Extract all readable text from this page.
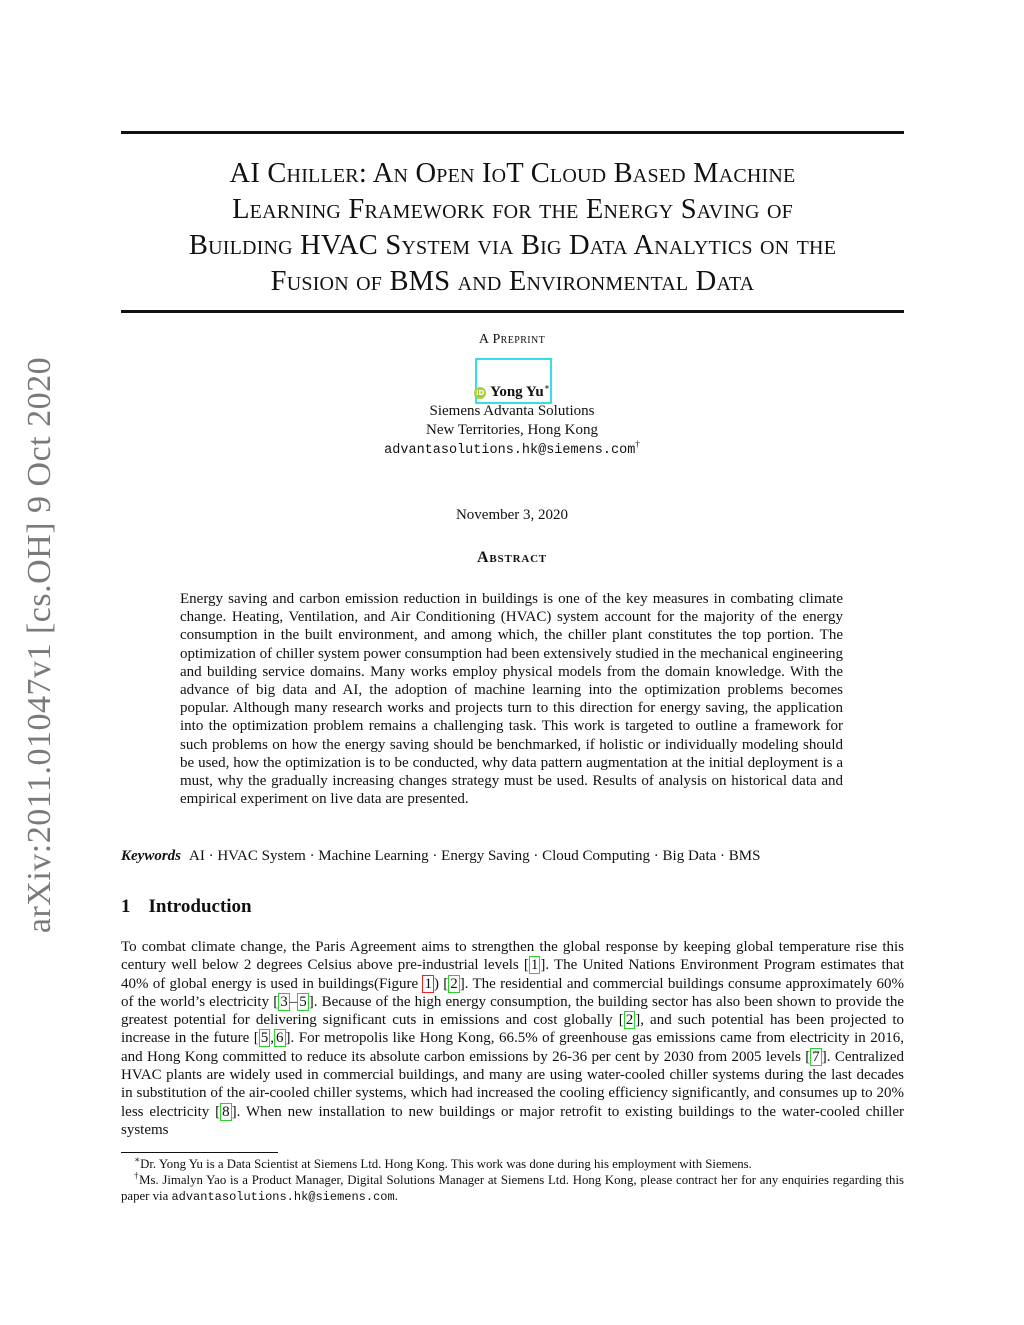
AI Chiller: An Open IoT Cloud Based Machine
Learning Framework for the Energy Saving of
Building HVAC System via Big Data Analytics on the
Fusion of BMS and Environmental Data
A Preprint
iD Yong Yu∗
Siemens Advanta Solutions
New Territories, Hong Kong
advantasolutions.hk@siemens.com†
November 3, 2020
Abstract

Energy saving and carbon emission reduction in buildings is one of the key measures in combating climate change. Heating, Ventilation, and Air Conditioning (HVAC) system account for the majority of the energy consumption in the built environment, and among which, the chiller plant constitutes the top portion. The optimization of chiller system power consumption had been extensively studied in the mechanical engineering and building service domains. Many works employ physical models from the domain knowledge. With the advance of big data and AI, the adoption of machine learning into the optimization problems becomes popular. Although many research works and projects turn to this direction for energy saving, the application into the optimization problem remains a challenging task. This work is targeted to outline a framework for such problems on how the energy saving should be benchmarked, if holistic or individually modeling should be used, how the optimization is to be conducted, why data pattern augmentation at the initial deployment is a must, why the gradually increasing changes strategy must be used. Results of analysis on historical data and empirical experiment on live data are presented.

Keywords AI · HVAC System · Machine Learning · Energy Saving · Cloud Computing · Big Data · BMS
1 Introduction

To combat climate change, the Paris Agreement aims to strengthen the global response by keeping global temperature rise this century well below 2 degrees Celsius above pre-industrial levels [ 1 ]. The United Nations Environment Program estimates that 40% of global energy is used in buildings(Figure 1 ) [ 2 ]. The residential and commercial buildings consume approximately 60% of the world’s electricity [ 3 – 5 ]. Because of the high energy consumption, the building sector has also been shown to provide the greatest potential for delivering significant cuts in emissions and cost globally [ 2 ], and such potential has been projected to increase in the future [ 5 , 6 ]. For metropolis like Hong Kong, 66.5% of greenhouse gas emissions came from electricity in 2016, and Hong Kong committed to reduce its absolute carbon emissions by 26-36 per cent by 2030 from 2005 levels [ 7 ]. Centralized HVAC plants are widely used in commercial buildings, and many are using water-cooled chiller systems during the last decades in substitution of the air-cooled chiller systems, which had increased the cooling efficiency significantly, and consumes up to 20% less electricity [ 8 ]. When new installation to new buildings or major retrofit to existing buildings to the water-cooled chiller systems

∗Dr. Yong Yu is a Data Scientist at Siemens Ltd. Hong Kong. This work was done during his employment with Siemens.

†Ms. Jimalyn Yao is a Product Manager, Digital Solutions Manager at Siemens Ltd. Hong Kong, please contract her for any enquiries regarding this paper via advantasolutions.hk@siemens.com.

arXiv:2011.01047v1 [cs.OH] 9 Oct 2020
